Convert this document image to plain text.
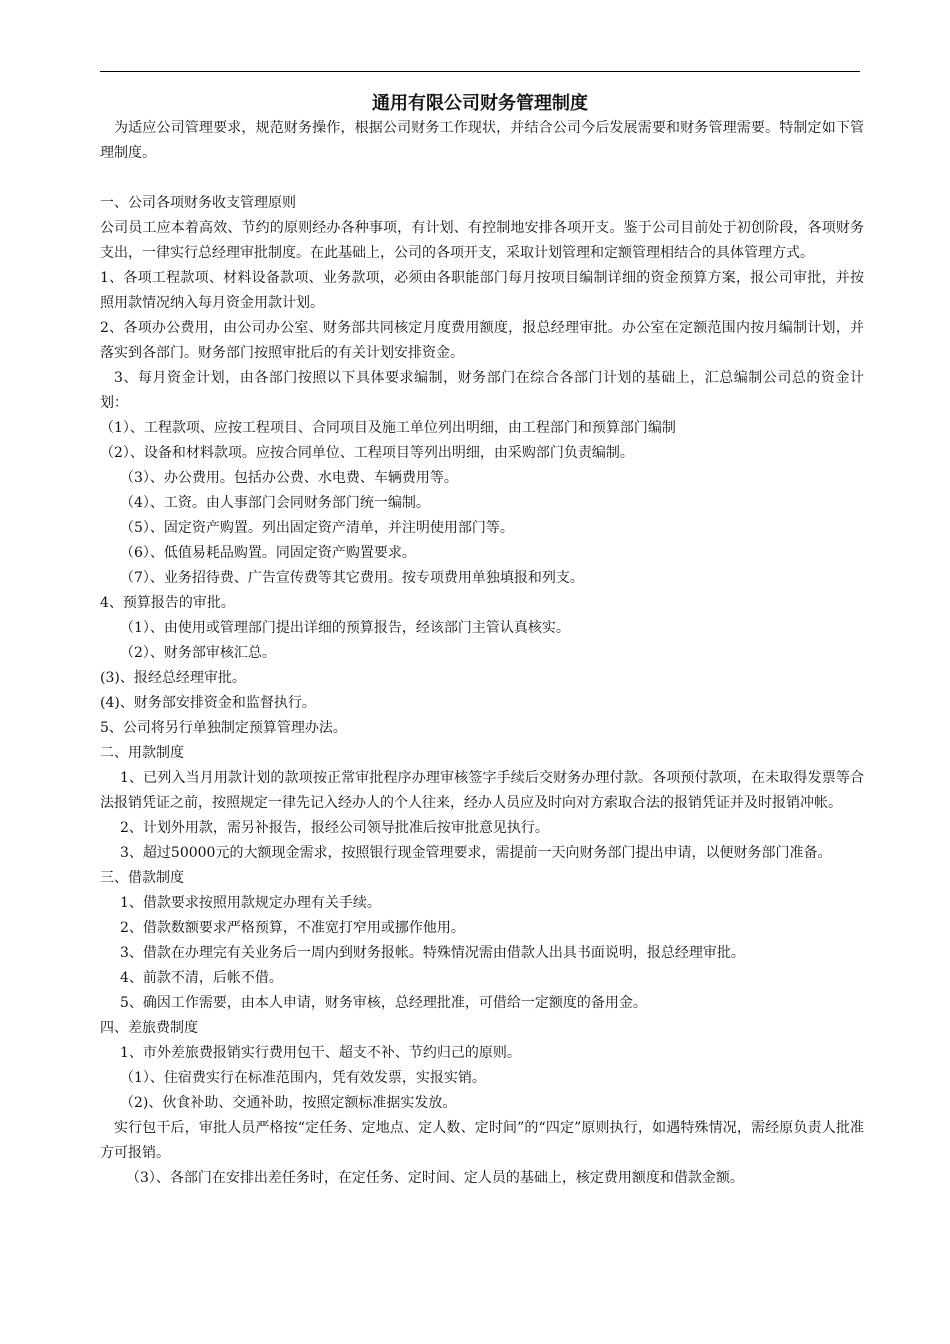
通用有限公司财务管理制度

为适应公司管理要求，规范财务操作，根据公司财务工作现状，并结合公司今后发展需要和财务管理需要。特制定如下管理制度。

一、公司各项财务收支管理原则

公司员工应本着高效、节约的原则经办各种事项，有计划、有控制地安排各项开支。鉴于公司目前处于初创阶段，各项财务支出，一律实行总经理审批制度。在此基础上，公司的各项开支，采取计划管理和定额管理相结合的具体管理方式。

1、各项工程款项、材料设备款项、业务款项，必须由各职能部门每月按项目编制详细的资金预算方案，报公司审批，并按照用款情况纳入每月资金用款计划。

2、各项办公费用，由公司办公室、财务部共同核定月度费用额度，报总经理审批。办公室在定额范围内按月编制计划，并落实到各部门。财务部门按照审批后的有关计划安排资金。

3、每月资金计划，由各部门按照以下具体要求编制，财务部门在综合各部门计划的基础上，汇总编制公司总的资金计划：

（1）、工程款项、应按工程项目、合同项目及施工单位列出明细，由工程部门和预算部门编制

（2）、设备和材料款项。应按合同单位、工程项目等列出明细，由采购部门负责编制。

（3）、办公费用。包括办公费、水电费、车辆费用等。

（4）、工资。由人事部门会同财务部门统一编制。

（5）、固定资产购置。列出固定资产清单，并注明使用部门等。

（6）、低值易耗品购置。同固定资产购置要求。

（7）、业务招待费、广告宣传费等其它费用。按专项费用单独填报和列支。

4、预算报告的审批。

（1）、由使用或管理部门提出详细的预算报告，经该部门主管认真核实。

（2）、财务部审核汇总。

(3)、报经总经理审批。

(4)、财务部安排资金和监督执行。

5、公司将另行单独制定预算管理办法。

二、用款制度

1、已列入当月用款计划的款项按正常审批程序办理审核签字手续后交财务办理付款。各项预付款项，在未取得发票等合法报销凭证之前，按照规定一律先记入经办人的个人往来，经办人员应及时向对方索取合法的报销凭证并及时报销冲帐。

2、计划外用款，需另补报告，报经公司领导批准后按审批意见执行。

3、超过50000元的大额现金需求，按照银行现金管理要求，需提前一天向财务部门提出申请，以便财务部门准备。

三、借款制度

1、借款要求按照用款规定办理有关手续。

2、借款数额要求严格预算，不准宽打窄用或挪作他用。

3、借款在办理完有关业务后一周内到财务报帐。特殊情况需由借款人出具书面说明，报总经理审批。

4、前款不清，后帐不借。

5、确因工作需要，由本人申请，财务审核，总经理批准，可借给一定额度的备用金。

四、差旅费制度

1、市外差旅费报销实行费用包干、超支不补、节约归己的原则。

（1）、住宿费实行在标准范围内，凭有效发票，实报实销。

（2)、伙食补助、交通补助，按照定额标准据实发放。

实行包干后，审批人员严格按“定任务、定地点、定人数、定时间”的“四定”原则执行，如遇特殊情况，需经原负责人批准方可报销。

（3）、各部门在安排出差任务时，在定任务、定时间、定人员的基础上，核定费用额度和借款金额。
